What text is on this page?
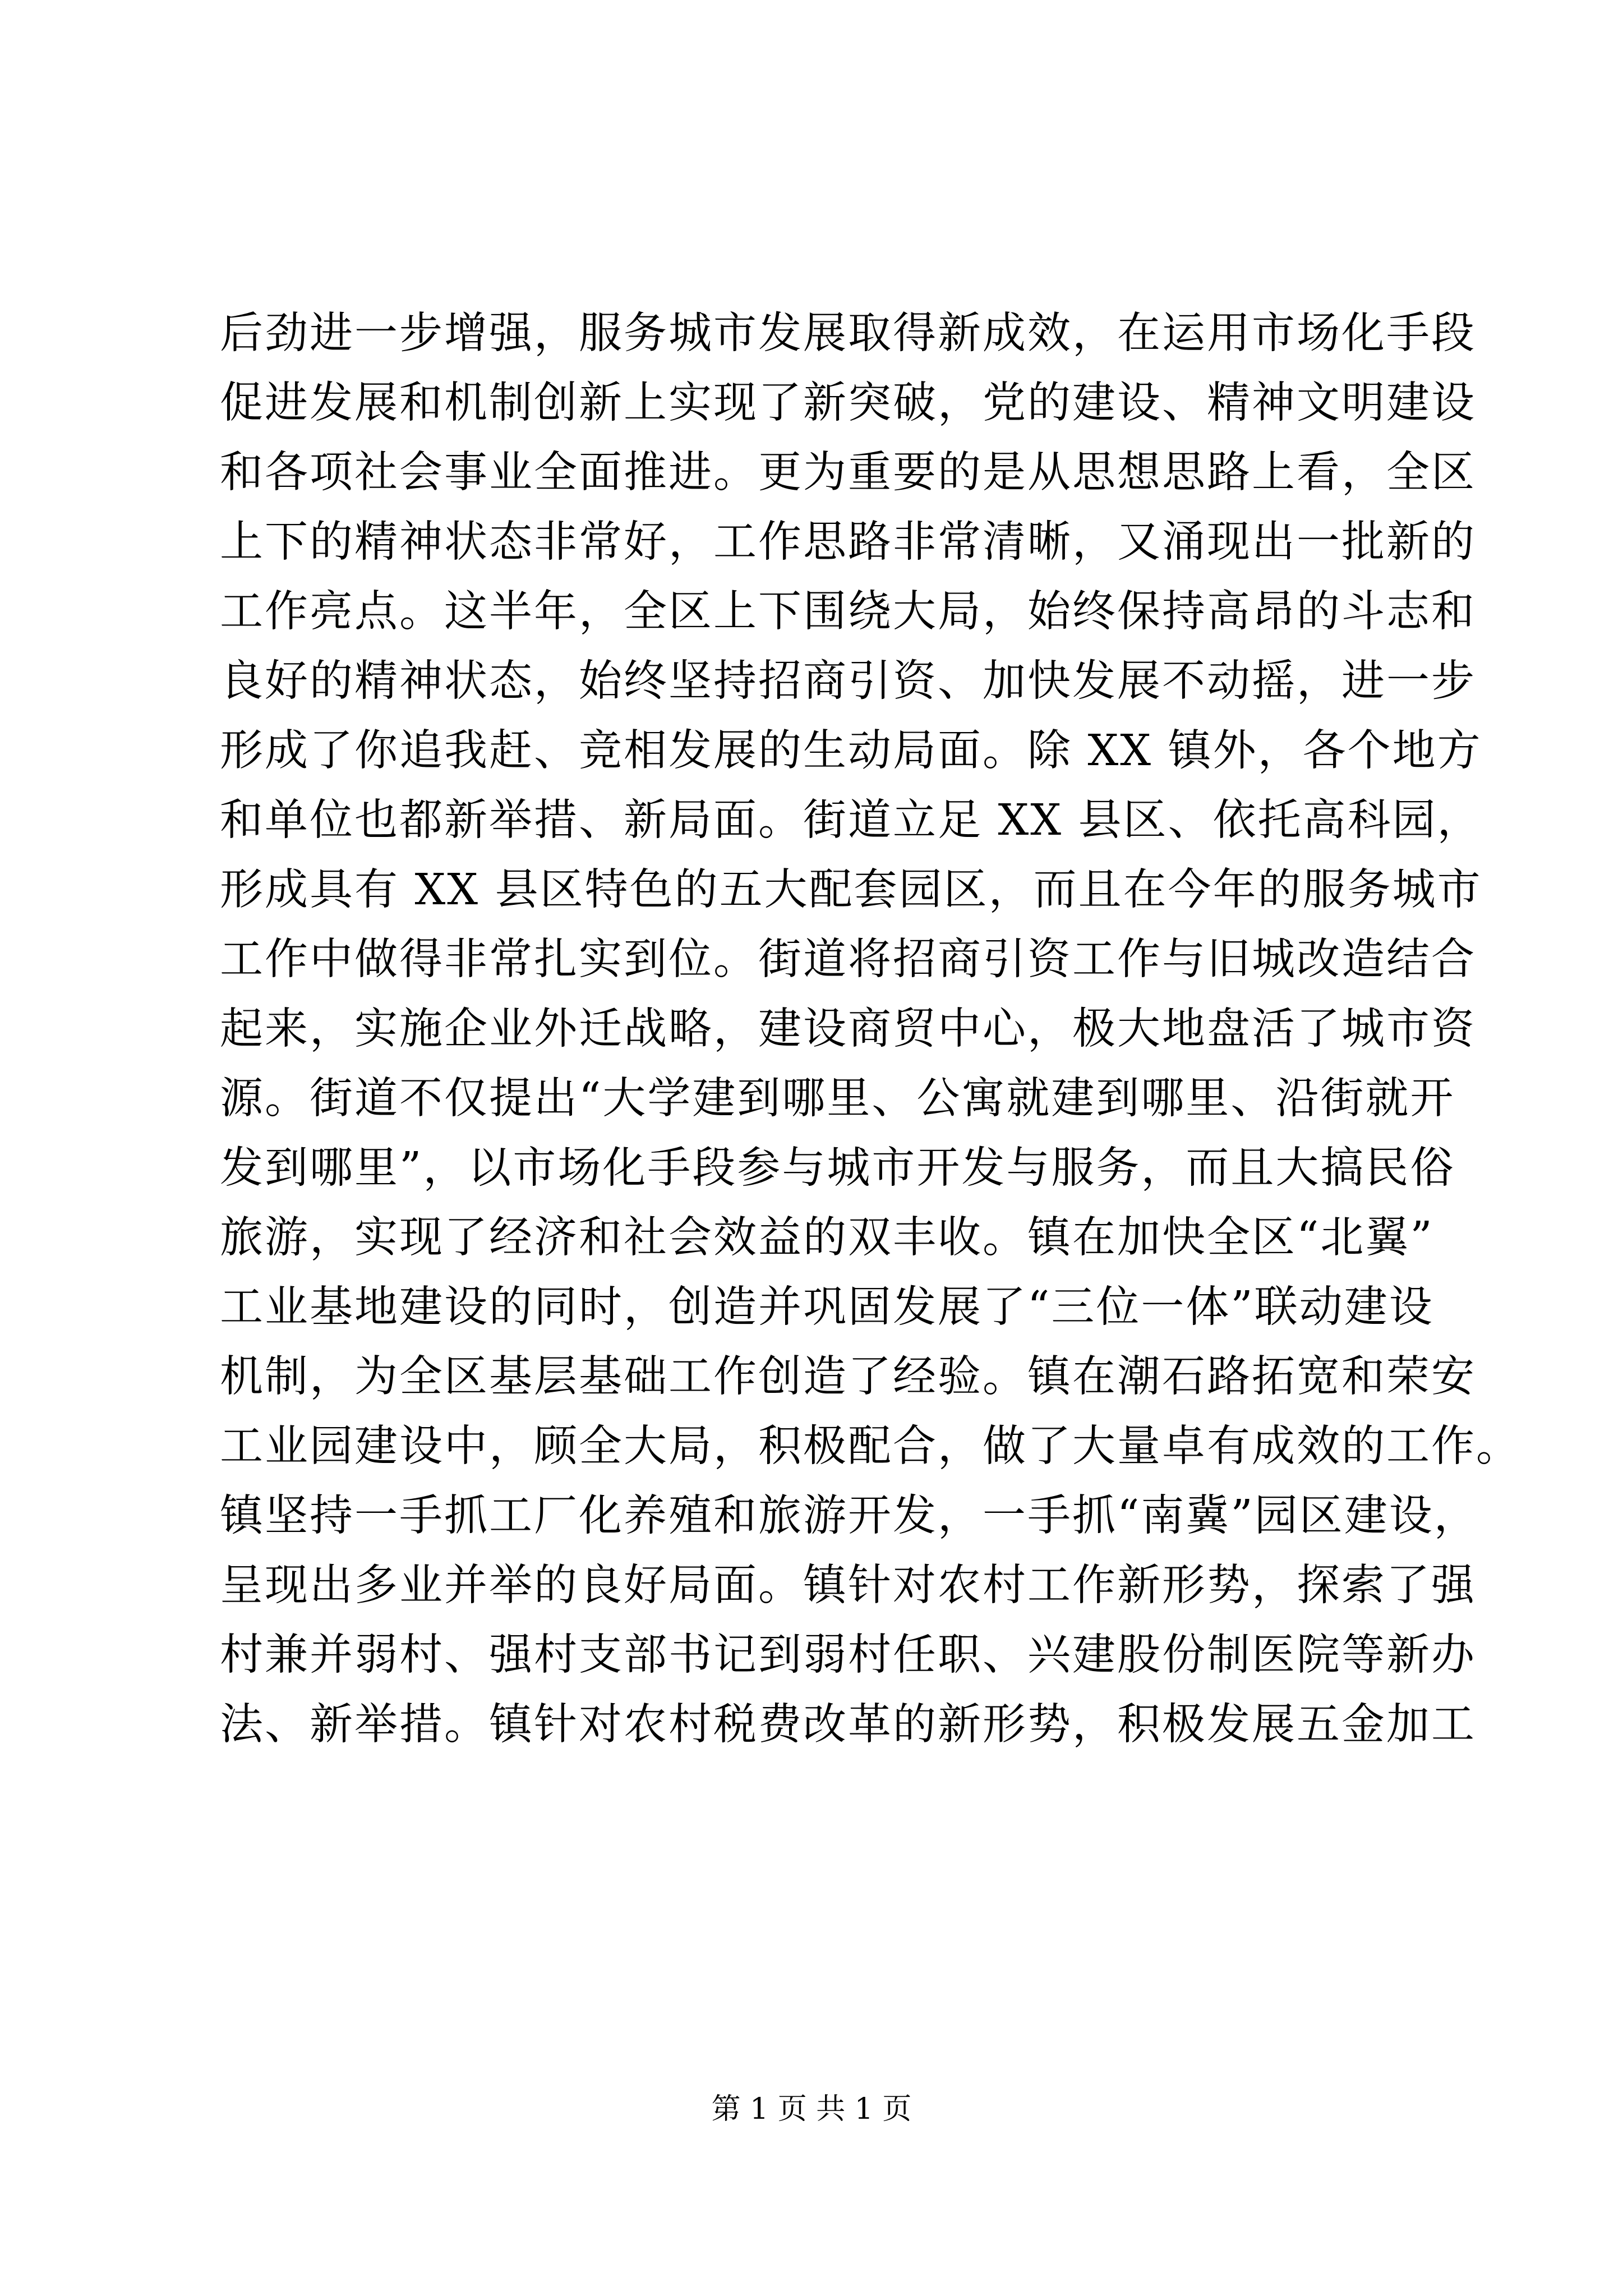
后劲进一步增强，服务城市发展取得新成效，在运用市场化手段
促进发展和机制创新上实现了新突破，党的建设、精神文明建设
和各项社会事业全面推进。更为重要的是从思想思路上看，全区
上下的精神状态非常好，工作思路非常清晰，又涌现出一批新的
工作亮点。这半年，全区上下围绕大局，始终保持高昂的斗志和
良好的精神状态，始终坚持招商引资、加快发展不动摇，进一步
形成了你追我赶、竞相发展的生动局面。除 XX 镇外，各个地方
和单位也都新举措、新局面。街道立足 XX 县区、依托高科园，
形成具有 XX 县区特色的五大配套园区，而且在今年的服务城市
工作中做得非常扎实到位。街道将招商引资工作与旧城改造结合
起来，实施企业外迁战略，建设商贸中心，极大地盘活了城市资
源。街道不仅提出“大学建到哪里、公寓就建到哪里、沿街就开
发到哪里”，以市场化手段参与城市开发与服务，而且大搞民俗
旅游，实现了经济和社会效益的双丰收。镇在加快全区“北翼”
工业基地建设的同时，创造并巩固发展了“三位一体”联动建设
机制，为全区基层基础工作创造了经验。镇在潮石路拓宽和荣安
工业园建设中，顾全大局，积极配合，做了大量卓有成效的工作。
镇坚持一手抓工厂化养殖和旅游开发，一手抓“南冀”园区建设，
呈现出多业并举的良好局面。镇针对农村工作新形势，探索了强
村兼并弱村、强村支部书记到弱村任职、兴建股份制医院等新办
法、新举措。镇针对农村税费改革的新形势，积极发展五金加工
第 1 页 共 1 页
